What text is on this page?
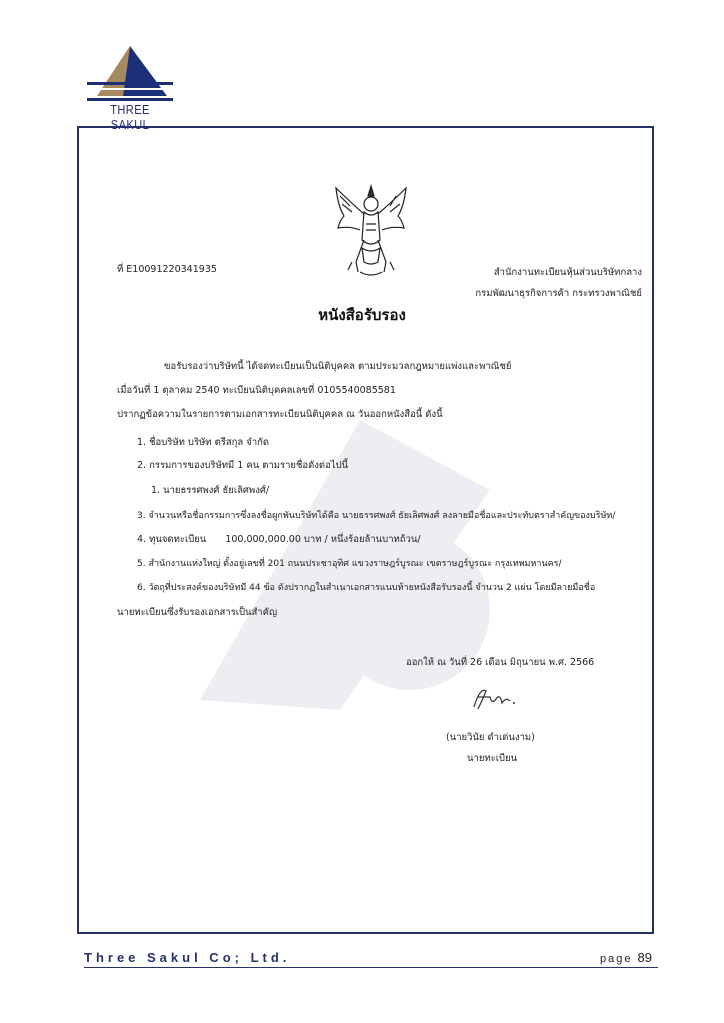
THREE SAKUL
ที่ E10091220341935	สำนักงานทะเบียนหุ้นส่วนบริษัทกลาง
กรมพัฒนาธุรกิจการค้า กระทรวงพาณิชย์
หนังสือรับรอง
ขอรับรองว่าบริษัทนี้ ได้จดทะเบียนเป็นนิติบุคคล ตามประมวลกฎหมายแพ่งและพาณิชย์
เมื่อวันที่ 1 ตุลาคม 2540 ทะเบียนนิติบุคคลเลขที่ 0105540085581
ปรากฏข้อความในรายการตามเอกสารทะเบียนนิติบุคคล ณ วันออกหนังสือนี้ ดังนี้
1. ชื่อบริษัท บริษัท ตรีสกุล จำกัด
2. กรรมการของบริษัทมี 1 คน ตามรายชื่อดังต่อไปนี้
1. นายธรรศพงศ์ ธัยเลิศพงศ์/
3. จำนวนหรือชื่อกรรมการซึ่งลงชื่อผูกพันบริษัทได้คือ นายธรรศพงศ์ ธัยเลิศพงศ์ ลงลายมือชื่อและประทับตราสำคัญของบริษัท/
4. ทุนจดทะเบียน 100,000,000.00 บาท / หนึ่งร้อยล้านบาทถ้วน/
5. สำนักงานแห่งใหญ่ ตั้งอยู่เลขที่ 201 ถนนประชาอุทิศ แขวงราษฎร์บูรณะ เขตราษฎร์บูรณะ กรุงเทพมหานคร/
6. วัตถุที่ประสงค์ของบริษัทมี 44 ข้อ ดังปรากฏในสำเนาเอกสารแนบท้ายหนังสือรับรองนี้ จำนวน 2 แผ่น โดยมีลายมือชื่อ
นายทะเบียนซึ่งรับรองเอกสารเป็นสำคัญ
ออกให้ ณ วันที่ 26 เดือน มิถุนายน พ.ศ. 2566
(นายวินัย ดำเด่นงาม)
นายทะเบียน
Three Sakul Co; Ltd.	page 89
